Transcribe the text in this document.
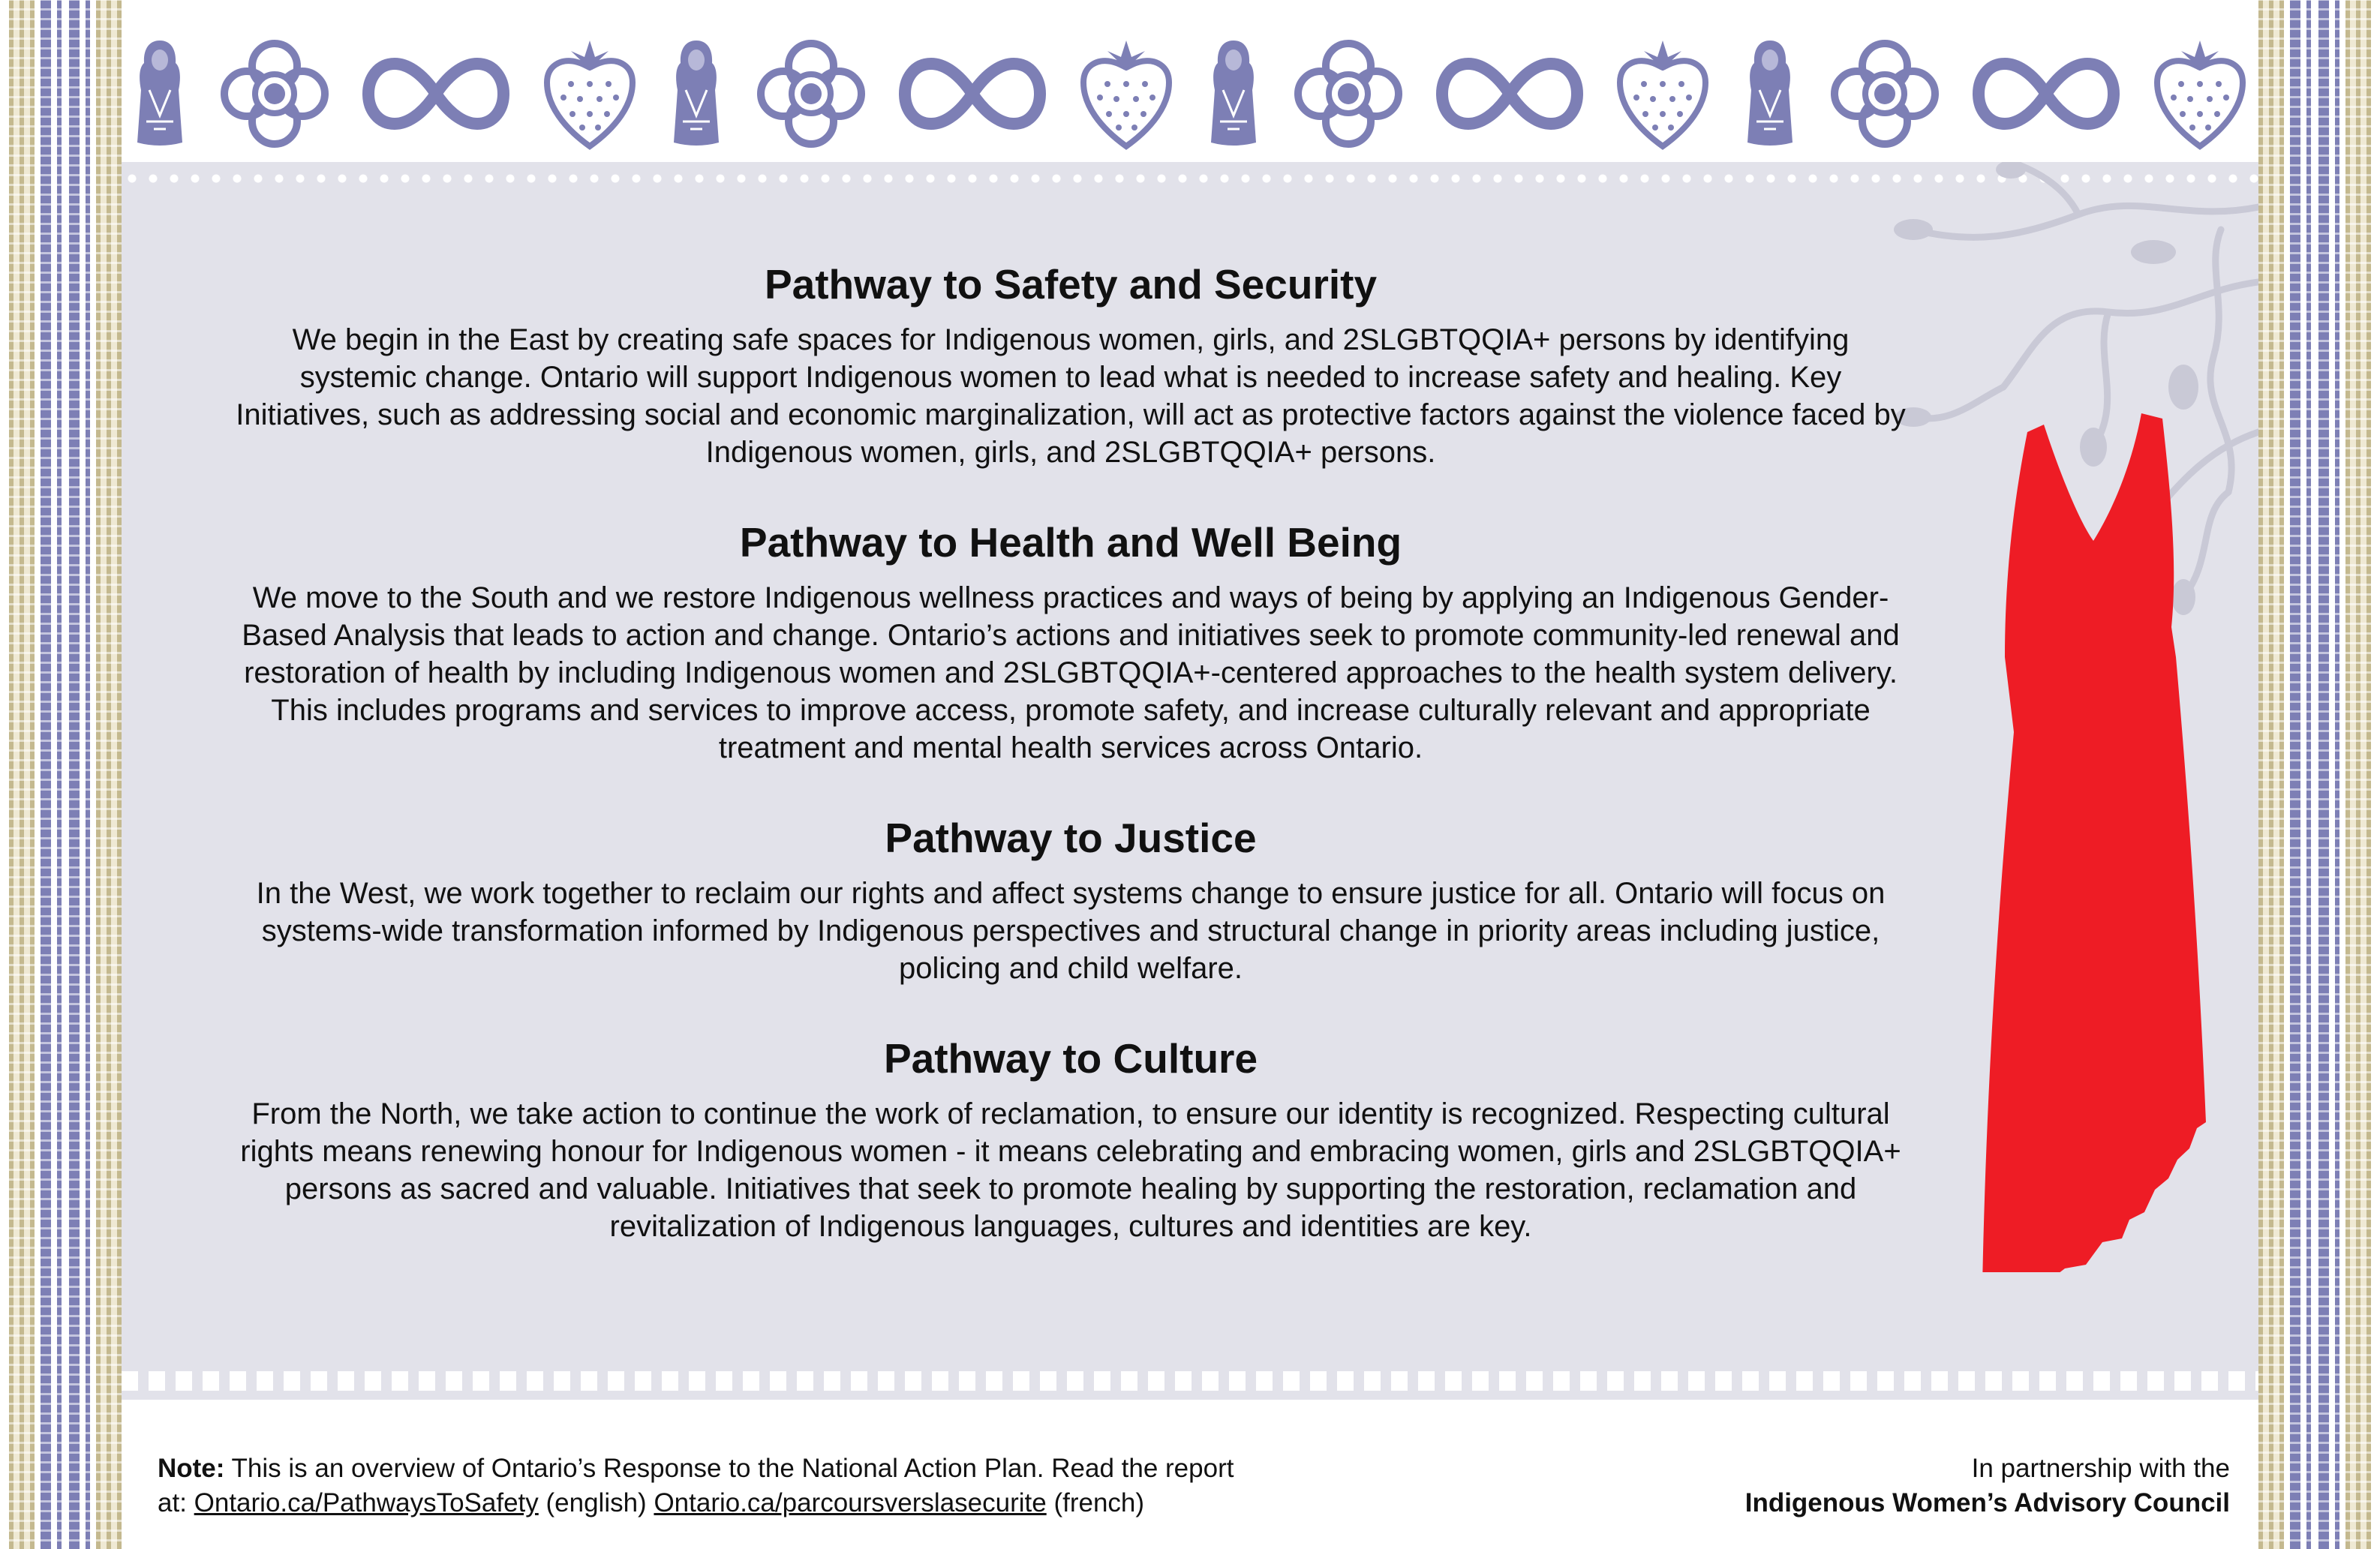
Pathway to Safety and Security

We begin in the East by creating safe spaces for Indigenous women, girls, and 2SLGBTQQIA+ persons by identifying
systemic change. Ontario will support Indigenous women to lead what is needed to increase safety and healing. Key
Initiatives, such as addressing social and economic marginalization, will act as protective factors against the violence faced by
Indigenous women, girls, and 2SLGBTQQIA+ persons.

Pathway to Health and Well Being

We move to the South and we restore Indigenous wellness practices and ways of being by applying an Indigenous Gender-
Based Analysis that leads to action and change. Ontario’s actions and initiatives seek to promote community-led renewal and
restoration of health by including Indigenous women and 2SLGBTQQIA+-centered approaches to the health system delivery.
This includes programs and services to improve access, promote safety, and increase culturally relevant and appropriate
treatment and mental health services across Ontario.

Pathway to Justice

In the West, we work together to reclaim our rights and affect systems change to ensure justice for all. Ontario will focus on
systems-wide transformation informed by Indigenous perspectives and structural change in priority areas including justice,
policing and child welfare.

Pathway to Culture

From the North, we take action to continue the work of reclamation, to ensure our identity is recognized. Respecting cultural
rights means renewing honour for Indigenous women - it means celebrating and embracing women, girls and 2SLGBTQQIA+
persons as sacred and valuable. Initiatives that seek to promote healing by supporting the restoration, reclamation and
revitalization of Indigenous languages, cultures and identities are key.

Note: This is an overview of Ontario’s Response to the National Action Plan. Read the report
at: Ontario.ca/PathwaysToSafety (english) Ontario.ca/parcoursverslasecurite (french)
In partnership with the
Indigenous Women’s Advisory Council
